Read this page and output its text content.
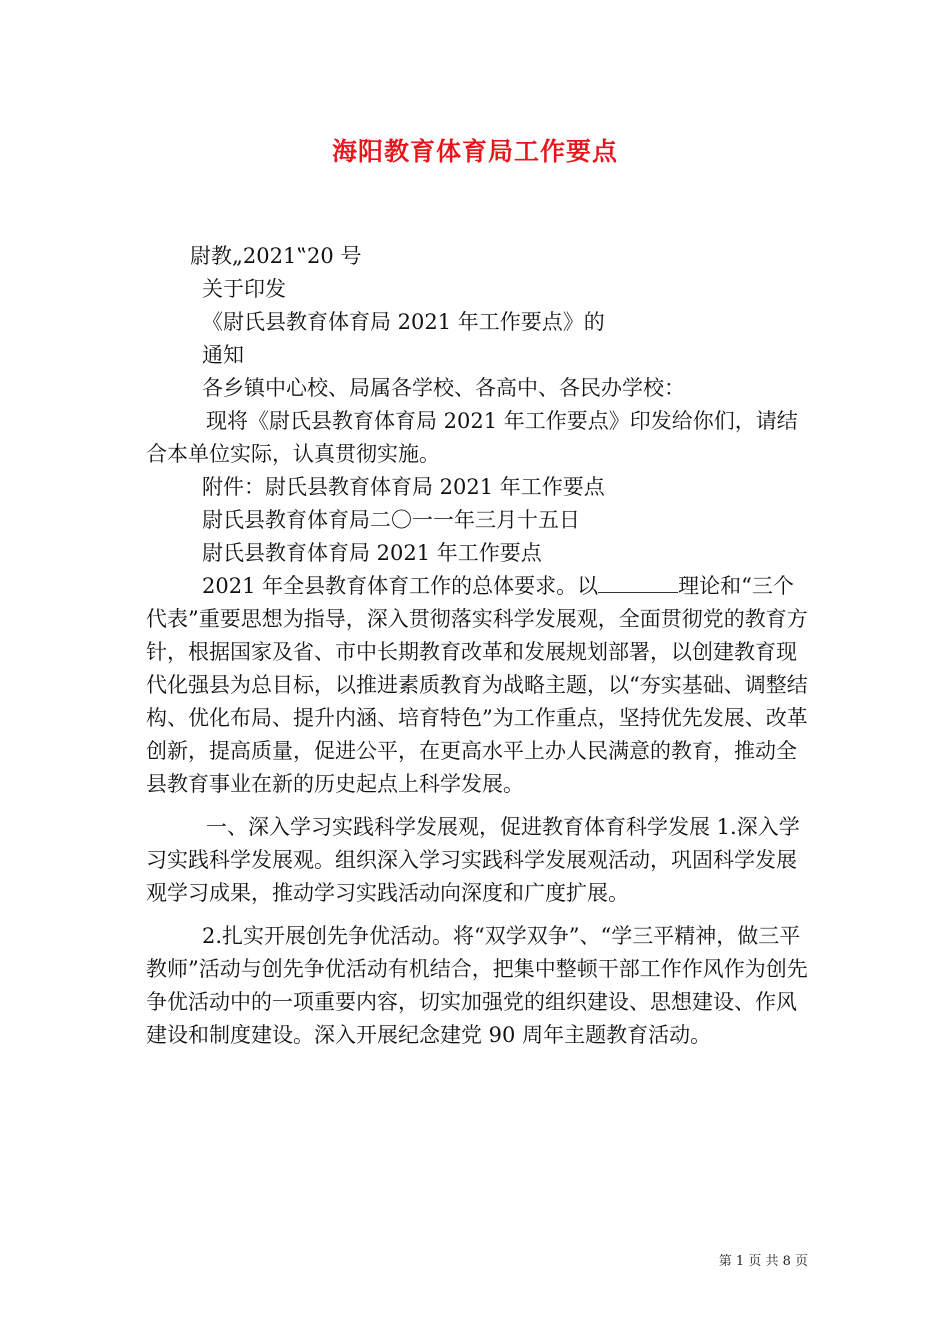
海阳教育体育局工作要点

尉教„2021‟20 号

关于印发

《尉氏县教育体育局 2021 年工作要点》的

通知

各乡镇中心校、局属各学校、各高中、各民办学校：

现将《尉氏县教育体育局 2021 年工作要点》印发给你们，请结合本单位实际，认真贯彻实施。

附件：尉氏县教育体育局 2021 年工作要点

尉氏县教育体育局二〇一一年三月十五日

尉氏县教育体育局 2021 年工作要点

2021 年全县教育体育工作的总体要求。以	理论和“三个代表”重要思想为指导，深入贯彻落实科学发展观，全面贯彻党的教育方针，根据国家及省、市中长期教育改革和发展规划部署，以创建教育现代化强县为总目标，以推进素质教育为战略主题，以“夯实基础、调整结构、优化布局、提升内涵、培育特色”为工作重点，坚持优先发展、改革创新，提高质量，促进公平，在更高水平上办人民满意的教育，推动全县教育事业在新的历史起点上科学发展。

一、深入学习实践科学发展观，促进教育体育科学发展 1.深入学习实践科学发展观。组织深入学习实践科学发展观活动，巩固科学发展观学习成果，推动学习实践活动向深度和广度扩展。

2.扎实开展创先争优活动。将“双学双争”、“学三平精神，做三平教师”活动与创先争优活动有机结合，把集中整顿干部工作作风作为创先争优活动中的一项重要内容，切实加强党的组织建设、思想建设、作风建设和制度建设。深入开展纪念建党 90 周年主题教育活动。

第 1 页 共 8 页
